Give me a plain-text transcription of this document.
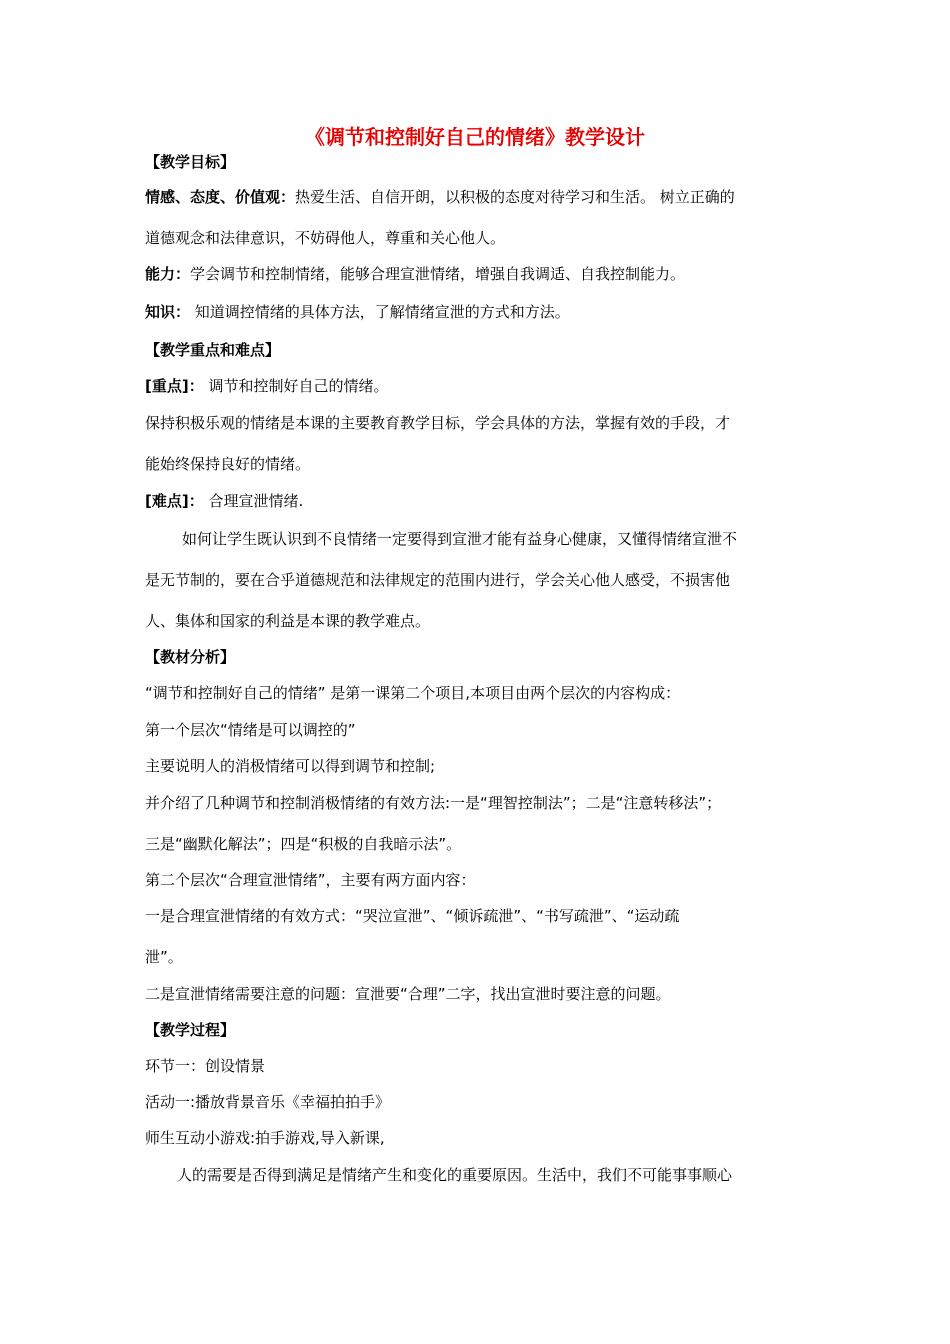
《调节和控制好自己的情绪》教学设计
【教学目标】
情感、态度、价值观：热爱生活、自信开朗，以积极的态度对待学习和生活。 树立正确的
道德观念和法律意识，不妨碍他人，尊重和关心他人。
能力：学会调节和控制情绪，能够合理宣泄情绪，增强自我调适、自我控制能力。
知识： 知道调控情绪的具体方法，了解情绪宣泄的方式和方法。
【教学重点和难点】
[重点]： 调节和控制好自己的情绪。
保持积极乐观的情绪是本课的主要教育教学目标，学会具体的方法，掌握有效的手段，才
能始终保持良好的情绪。
[难点]： 合理宣泄情绪.
如何让学生既认识到不良情绪一定要得到宣泄才能有益身心健康，又懂得情绪宣泄不
是无节制的，要在合乎道德规范和法律规定的范围内进行，学会关心他人感受，不损害他
人、集体和国家的利益是本课的教学难点。
【教材分析】
“调节和控制好自己的情绪” 是第一课第二个项目,本项目由两个层次的内容构成：
第一个层次“情绪是可以调控的”
主要说明人的消极情绪可以得到调节和控制;
并介绍了几种调节和控制消极情绪的有效方法:一是“理智控制法”；二是“注意转移法”；
三是“幽默化解法”；四是“积极的自我暗示法”。
第二个层次“合理宣泄情绪”，主要有两方面内容：
一是合理宣泄情绪的有效方式：“哭泣宣泄”、“倾诉疏泄”、“书写疏泄”、“运动疏
泄”。
二是宣泄情绪需要注意的问题：宣泄要“合理”二字，找出宣泄时要注意的问题。
【教学过程】
环节一：创设情景
活动一:播放背景音乐《幸福拍拍手》
师生互动小游戏:拍手游戏,导入新课,
人的需要是否得到满足是情绪产生和变化的重要原因。生活中，我们不可能事事顺心
